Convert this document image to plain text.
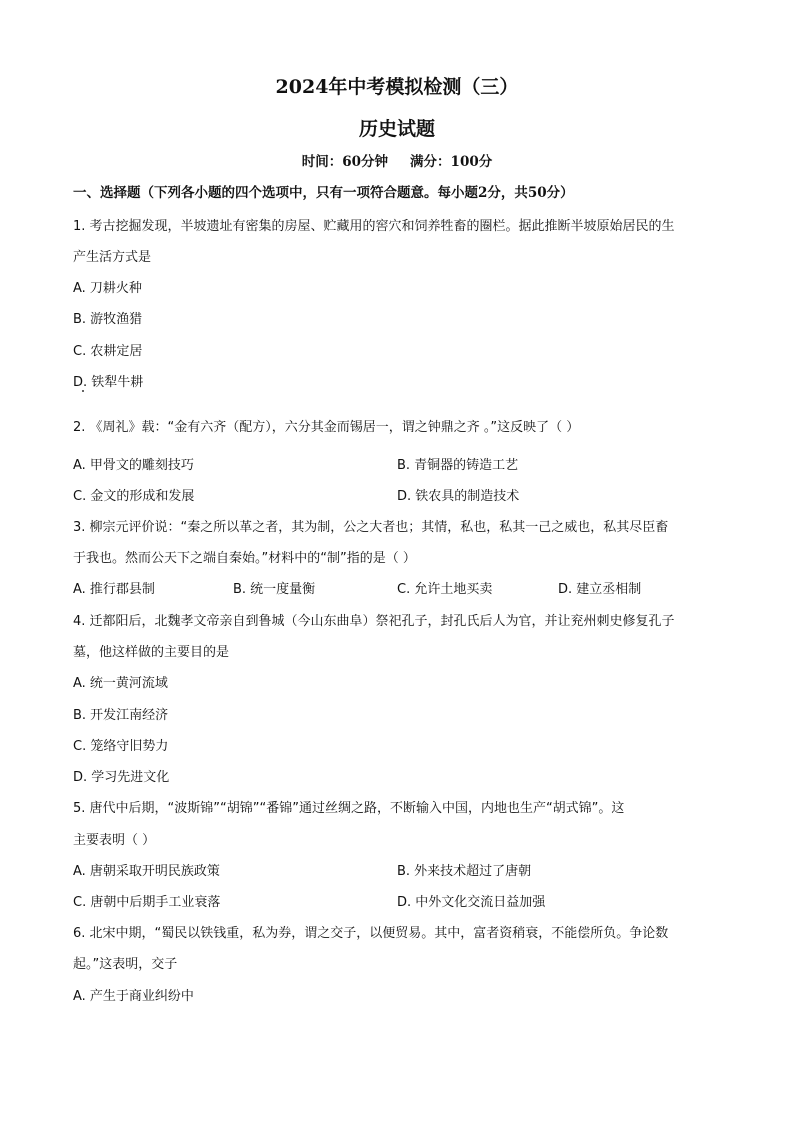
2024年中考模拟检测（三）
历史试题
时间：60分钟 满分：100分
一、选择题（下列各小题的四个选项中，只有一项符合题意。每小题2分，共50分）
1. 考古挖掘发现，半坡遗址有密集的房屋、贮藏用的窖穴和饲养牲畜的圈栏。据此推断半坡原始居民的生
产生活方式是
A. 刀耕火种
B. 游牧渔猎
C. 农耕定居
D. 铁犁牛耕
2. 《周礼》载：“金有六齐（配方），六分其金而锡居一，谓之钟鼎之齐 。”这反映了（ ）
A. 甲骨文的雕刻技巧	B. 青铜器的铸造工艺
C. 金文的形成和发展	D. 铁农具的制造技术
3. 柳宗元评价说：“秦之所以革之者，其为制，公之大者也；其情，私也，私其一己之威也，私其尽臣畜
于我也。然而公天下之端自秦始。”材料中的“制”指的是（ ）
A. 推行郡县制	B. 统一度量衡	C. 允许土地买卖	D. 建立丞相制
4. 迁都阳后，北魏孝文帝亲自到鲁城（今山东曲阜）祭祀孔子，封孔氏后人为官，并让兖州刺史修复孔子
墓，他这样做的主要目的是
A. 统一黄河流域
B. 开发江南经济
C. 笼络守旧势力
D. 学习先进文化
5. 唐代中后期，“波斯锦”“胡锦”“番锦”通过丝绸之路，不断输入中国，内地也生产“胡式锦”。这
主要表明（ ）
A. 唐朝采取开明民族政策	B. 外来技术超过了唐朝
C. 唐朝中后期手工业衰落	D. 中外文化交流日益加强
6. 北宋中期，“蜀民以铁钱重，私为券，谓之交子，以便贸易。其中，富者资稍衰，不能偿所负。争论数
起。”这表明，交子
A. 产生于商业纠纷中
